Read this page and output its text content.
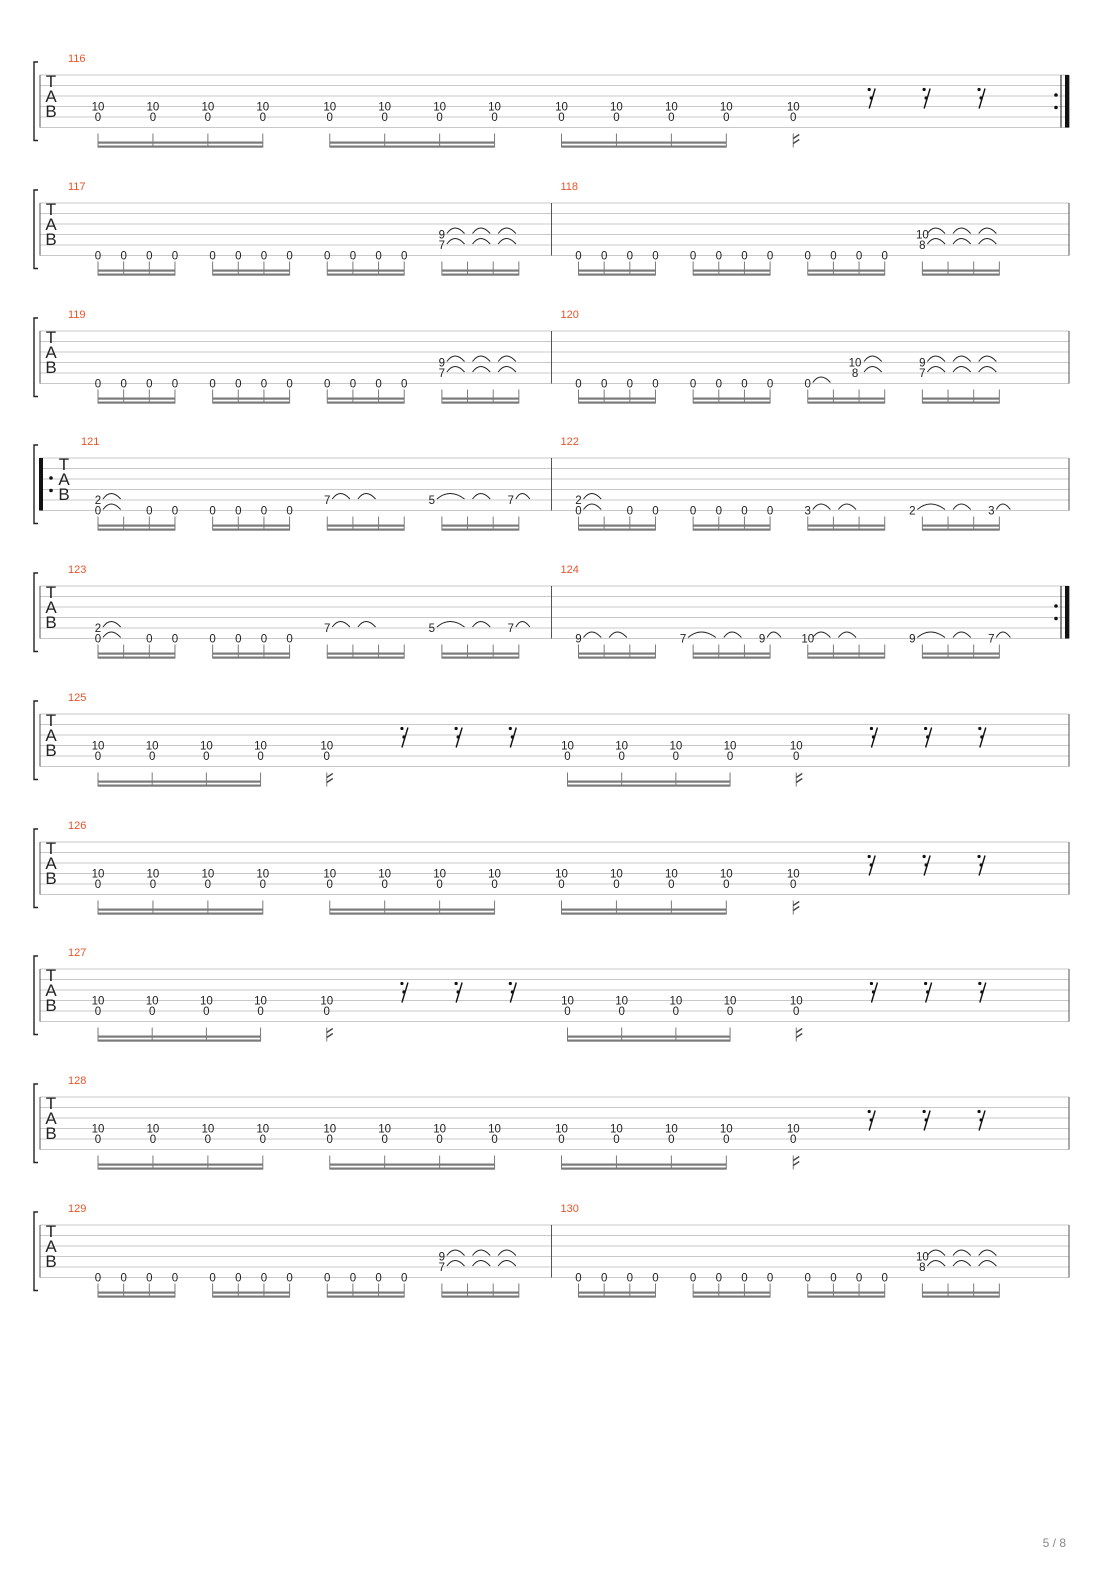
T
A
B
116
10
0
10
0
10
0
10
0
10
0
10
0
10
0
10
0
10
0
10
0
10
0
10
0
10
0
T
A
B
117
0 0 0 0	0 0 0 0	0 0 0 0
9
7
118
0 0 0 0	0 0 0 0	0 0 0 0
10
8
T
A
B
119
0 0 0 0	0 0 0 0	0 0 0 0
9
7
120
0 0 0 0	0 0 0 0	0
10
8
9
7
T
A
B
121
2
0	0 0	0 0 0 0
7	5	7
122
2
0	0 0	0 0 0 0	3	2	3
T
A
B
123
2
0	0 0	0 0 0 0
7	5	7
124
9	7	9	10	9	7
T
A
B
125
10
0
10
0
10
0
10
0
10
0
10
0
10
0
10
0
10
0
10
0
T
A
B
126
10
0
10
0
10
0
10
0
10
0
10
0
10
0
10
0
10
0
10
0
10
0
10
0
10
0
T
A
B
127
10
0
10
0
10
0
10
0
10
0
10
0
10
0
10
0
10
0
10
0
T
A
B
128
10
0
10
0
10
0
10
0
10
0
10
0
10
0
10
0
10
0
10
0
10
0
10
0
10
0
T
A
B
129
0 0 0 0	0 0 0 0	0 0 0 0
9
7
130
0 0 0 0	0 0 0 0	0 0 0 0
10
8
5 / 8
